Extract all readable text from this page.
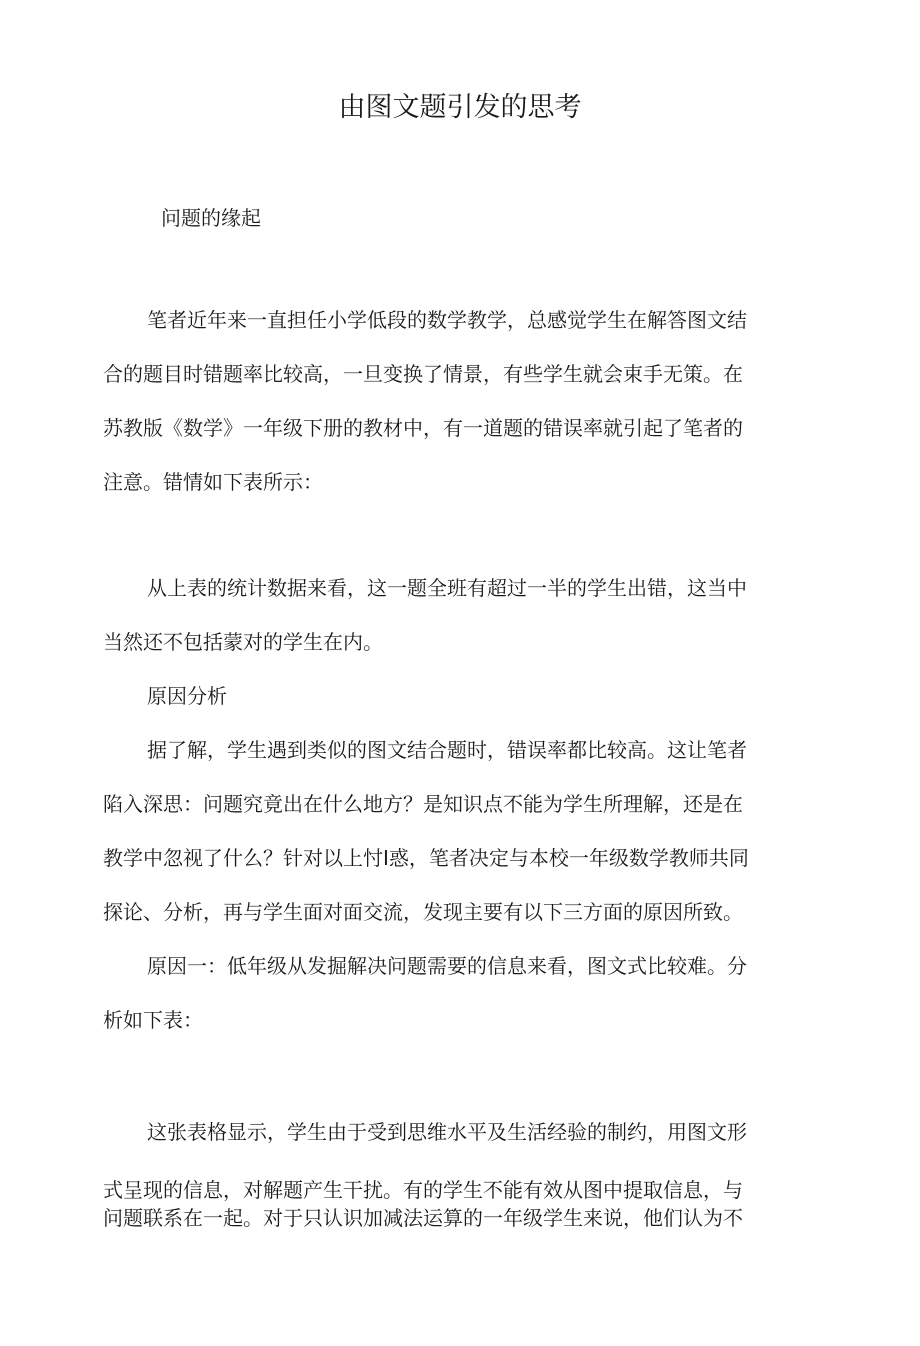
由图文题引发的思考
问题的缘起
笔者近年来一直担任小学低段的数学教学，总感觉学生在解答图文结
合的题目时错题率比较高，一旦变换了情景，有些学生就会束手无策。在
苏教版《数学》一年级下册的教材中，有一道题的错误率就引起了笔者的
注意。错情如下表所示：
从上表的统计数据来看，这一题全班有超过一半的学生出错，这当中
当然还不包括蒙对的学生在内。
原因分析
据了解，学生遇到类似的图文结合题时，错误率都比较高。这让笔者
陷入深思：问题究竟出在什么地方？是知识点不能为学生所理解，还是在
教学中忽视了什么？针对以上忖I惑，笔者决定与本校一年级数学教师共同
探论、分析，再与学生面对面交流，发现主要有以下三方面的原因所致。
原因一：低年级从发掘解决问题需要的信息来看，图文式比较难。分
析如下表：
这张表格显示，学生由于受到思维水平及生活经验的制约，用图文形
式呈现的信息，对解题产生干扰。有的学生不能有效从图中提取信息，与
问题联系在一起。对于只认识加减法运算的一年级学生来说，他们认为不
